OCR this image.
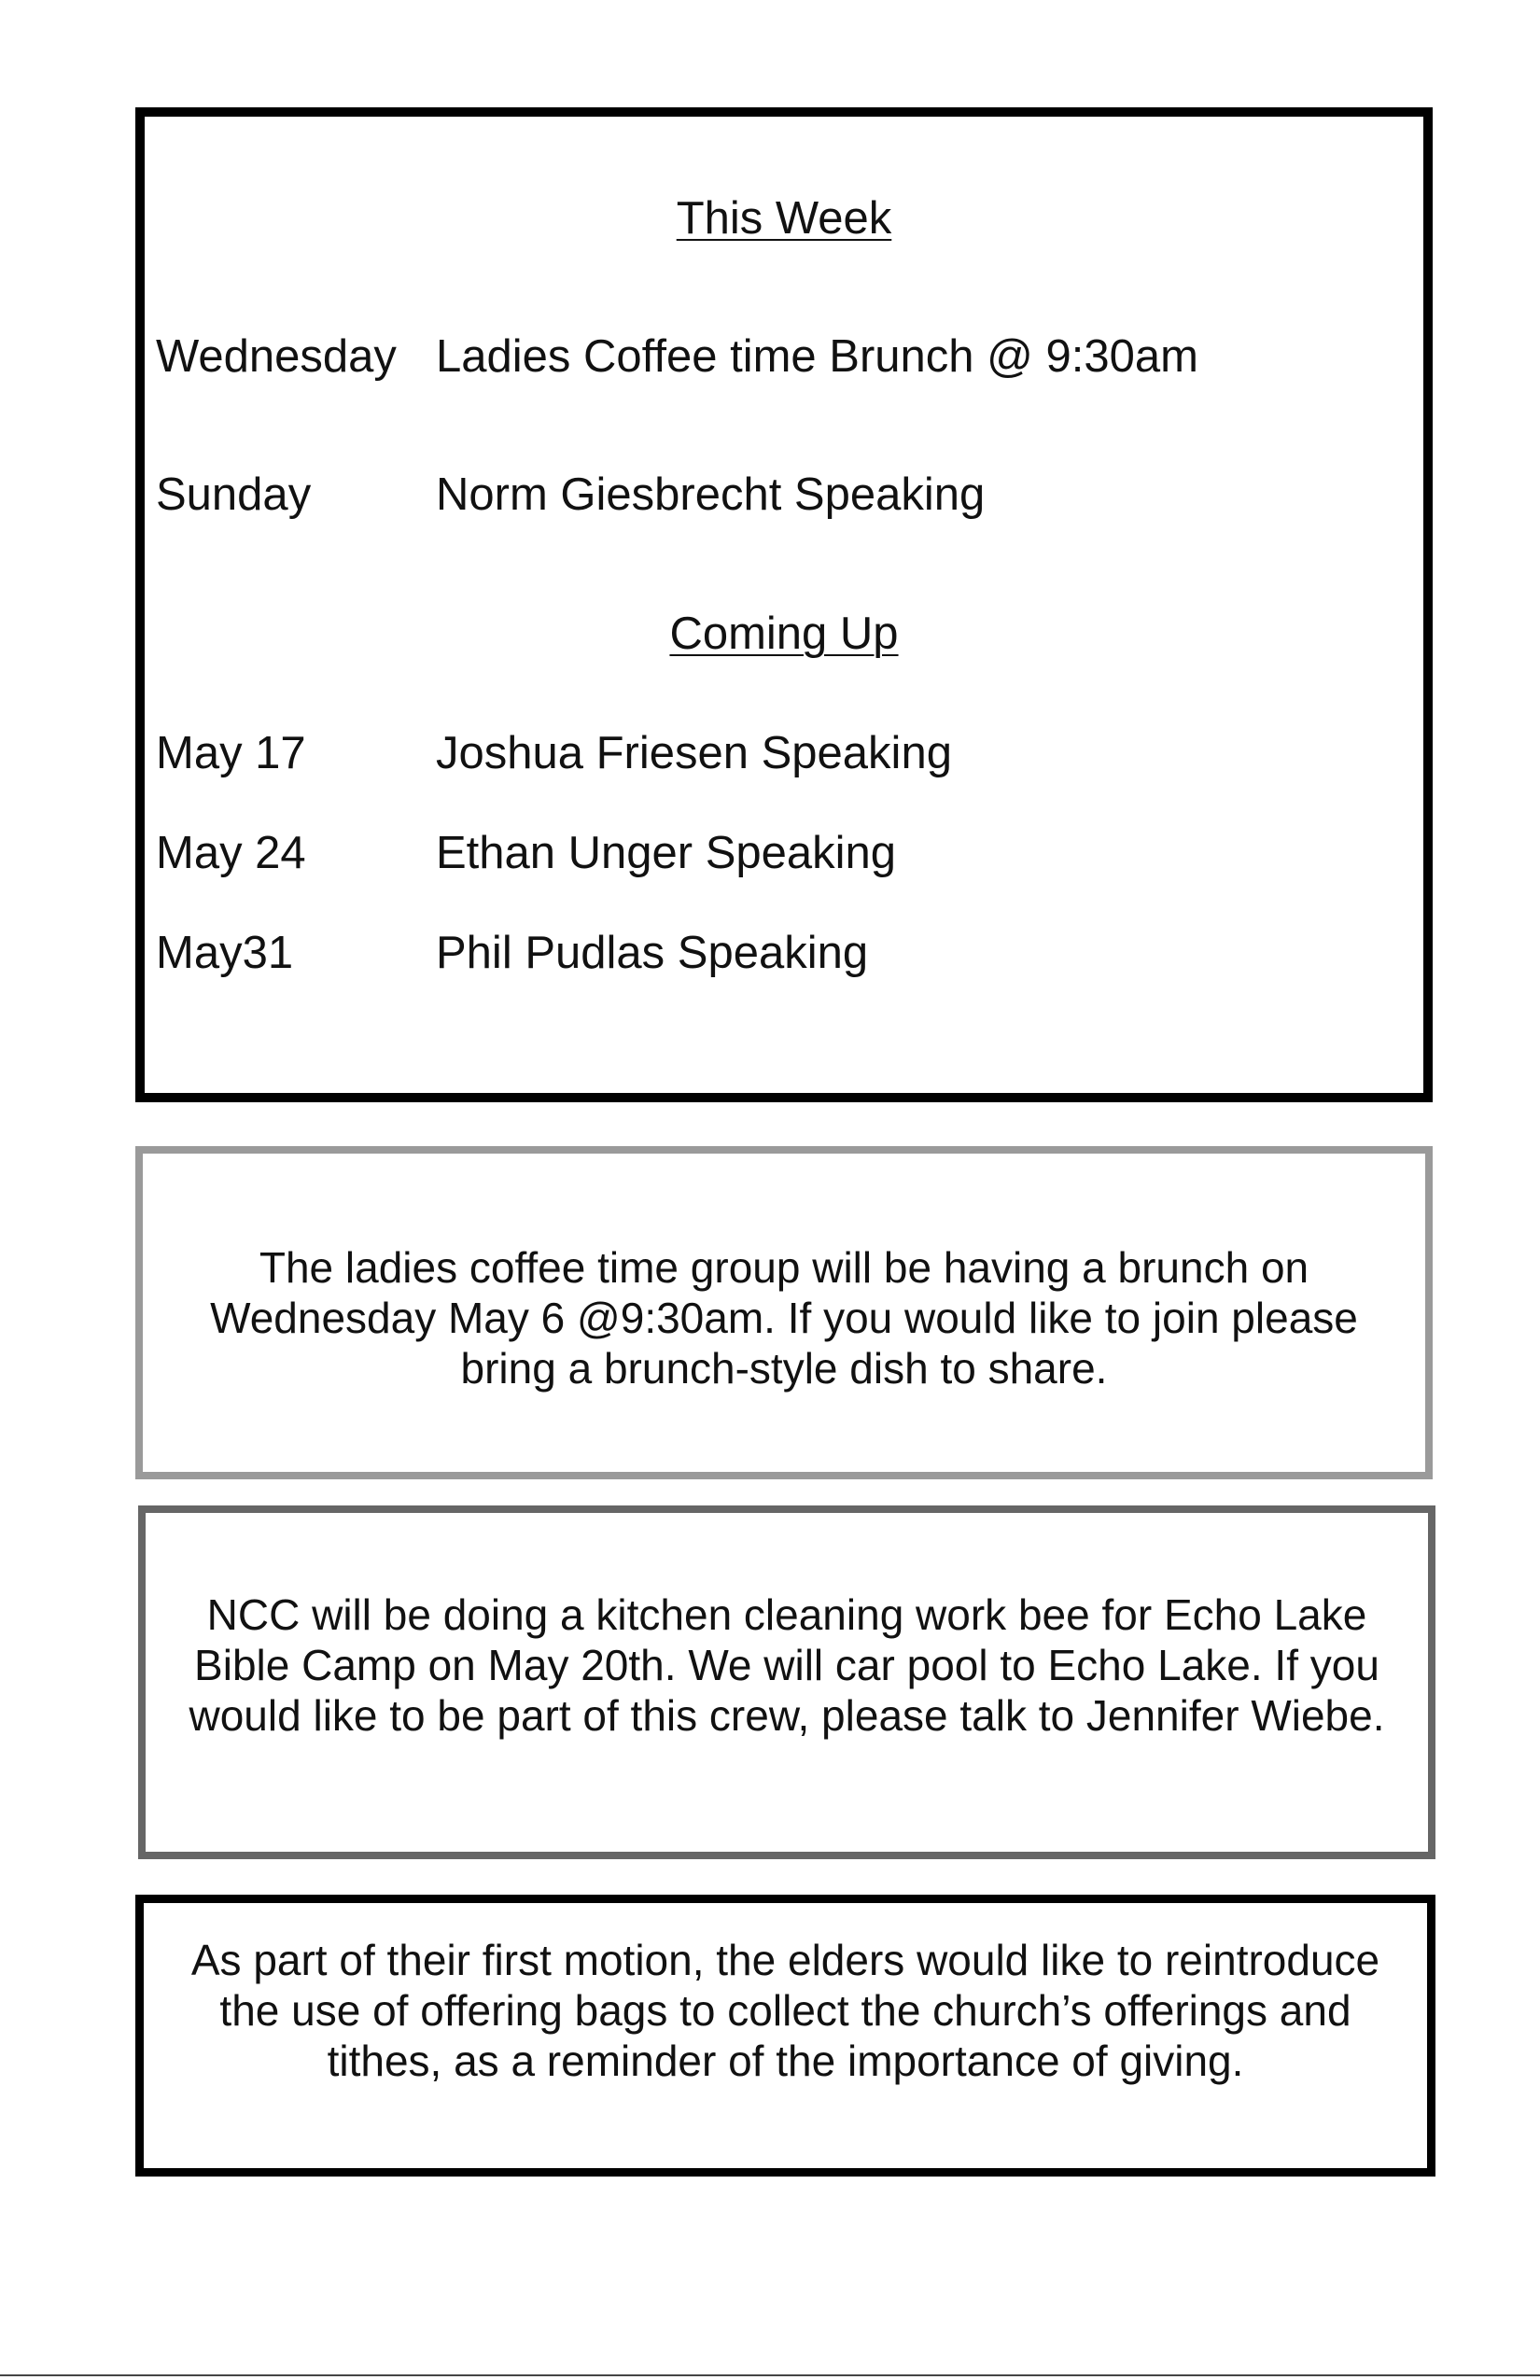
This Week
Wednesday Ladies Coffee time Brunch @ 9:30am
Sunday	Norm Giesbrecht Speaking
Coming Up
May 17	Joshua Friesen Speaking
May 24	Ethan Unger Speaking
May31	Phil Pudlas Speaking
The ladies coffee time group will be having a brunch on Wednesday May 6 @9:30am. If you would like to join please bring a brunch-style dish to share.
NCC will be doing a kitchen cleaning work bee for Echo Lake Bible Camp on May 20th. We will car pool to Echo Lake. If you would like to be part of this crew, please talk to Jennifer Wiebe.
As part of their first motion, the elders would like to reintroduce the use of offering bags to collect the church’s offerings and tithes, as a reminder of the importance of giving.
